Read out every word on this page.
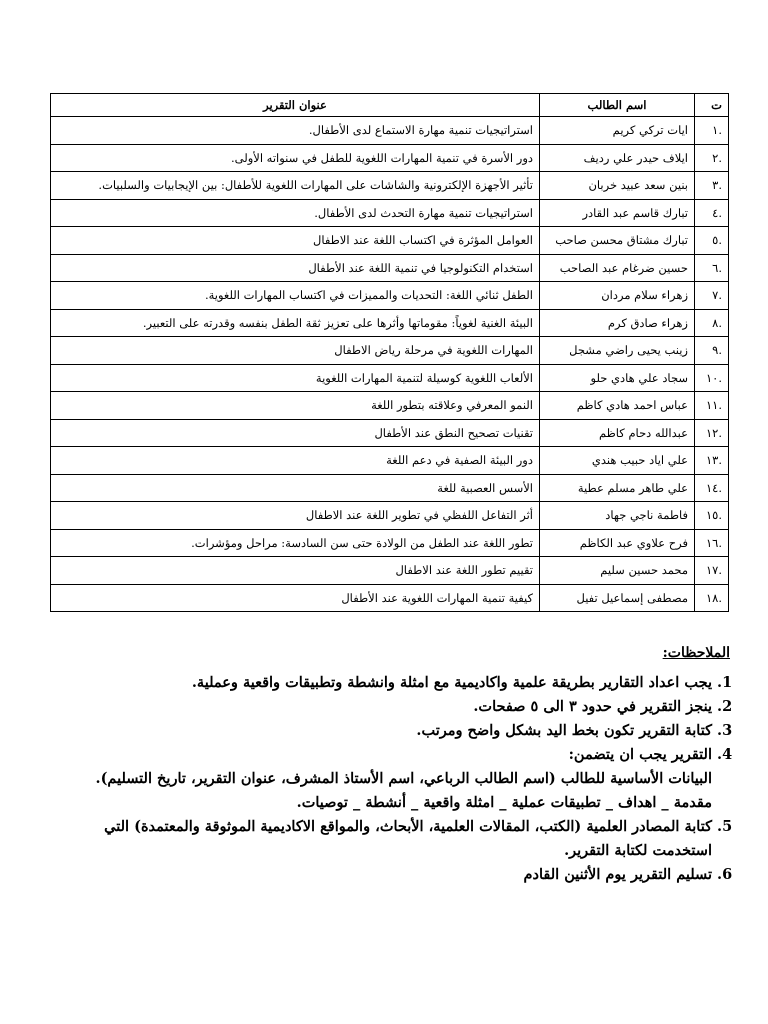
ت	اسم الطالب	عنوان التقرير
.١	ايات تركي كريم	استراتيجيات تنمية مهارة الاستماع لدى الأطفال.
.٢	ايلاف حيدر علي رديف	دور الأسرة في تنمية المهارات اللغوية للطفل في سنواته الأولى.
.٣	بنين سعد عبيد خربان	تأثير الأجهزة الإلكترونية والشاشات على المهارات اللغوية للأطفال: بين الإيجابيات والسلبيات.
.٤	تبارك قاسم عبد القادر	استراتيجيات تنمية مهارة التحدث لدى الأطفال.
.٥	تبارك مشتاق محسن صاحب	العوامل المؤثرة في اكتساب اللغة عند الاطفال
.٦	حسين ضرغام عبد الصاحب	استخدام التكنولوجيا في تنمية اللغة عند الأطفال
.٧	زهراء سلام مردان	الطفل ثنائي اللغة: التحديات والمميزات في اكتساب المهارات اللغوية.
.٨	زهراء صادق كرم	البيئة الغنية لغوياً: مقوماتها وأثرها على تعزيز ثقة الطفل بنفسه وقدرته على التعبير.
.٩	زينب يحيى راضي مشجل	المهارات اللغوية في مرحلة رياض الاطفال
.١٠	سجاد علي هادي حلو	الألعاب اللغوية كوسيلة لتنمية المهارات اللغوية
.١١	عباس احمد هادي كاظم	النمو المعرفي وعلاقته بتطور اللغة
.١٢	عبدالله دحام كاظم	تقنيات تصحيح النطق عند الأطفال
.١٣	علي اياد حبيب هندي	دور البيئة الصفية في دعم اللغة
.١٤	علي طاهر مسلم عطية	الأسس العصبية للغة
.١٥	فاطمة ناجي جهاد	أثر التفاعل اللفظي في تطوير اللغة عند الاطفال
.١٦	فرح علاوي عبد الكاظم	تطور اللغة عند الطفل من الولادة حتى سن السادسة: مراحل ومؤشرات.
.١٧	محمد حسين سليم	تقييم تطور اللغة عند الاطفال
.١٨	مصطفى إسماعيل تفيل	كيفية تنمية المهارات اللغوية عند الأطفال
الملاحظات:
1. يجب اعداد التقارير بطريقة علمية واكاديمية مع امثلة وانشطة وتطبيقات واقعية وعملية.
2. ينجز التقرير في حدود ٣ الى ٥ صفحات.
3. كتابة التقرير تكون بخط اليد بشكل واضح ومرتب.
4. التقرير يجب ان يتضمن:
البيانات الأساسية للطالب (اسم الطالب الرباعي، اسم الأستاذ المشرف، عنوان التقرير، تاريخ التسليم).
مقدمة _ اهداف _ تطبيقات عملية _ امثلة واقعية _ أنشطة _ توصيات.
5. كتابة المصادر العلمية (الكتب، المقالات العلمية، الأبحاث، والمواقع الاكاديمية الموثوقة والمعتمدة) التي استخدمت لكتابة التقرير.
6. تسليم التقرير يوم الأثنين القادم
